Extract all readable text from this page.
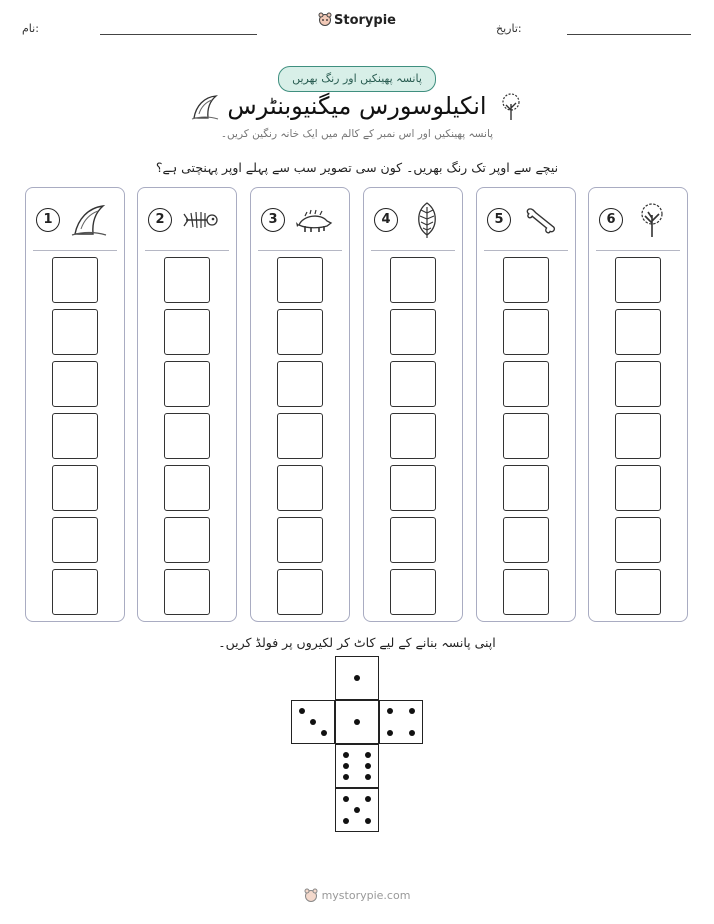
نام:	تاریخ:
Storypie
پانسہ پھینکیں اور رنگ بھریں
انکیلوسورس میگنیوبنٹرس
پانسہ پھینکیں اور اس نمبر کے کالم میں ایک خانہ رنگین کریں۔
نیچے سے اوپر تک رنگ بھریں۔ کون سی تصویر سب سے پہلے اوپر پہنچتی ہے؟
1	2	3	4	5	6
اپنی پانسہ بنانے کے لیے کاٹ کر لکیروں پر فولڈ کریں۔
mystorypie.com
